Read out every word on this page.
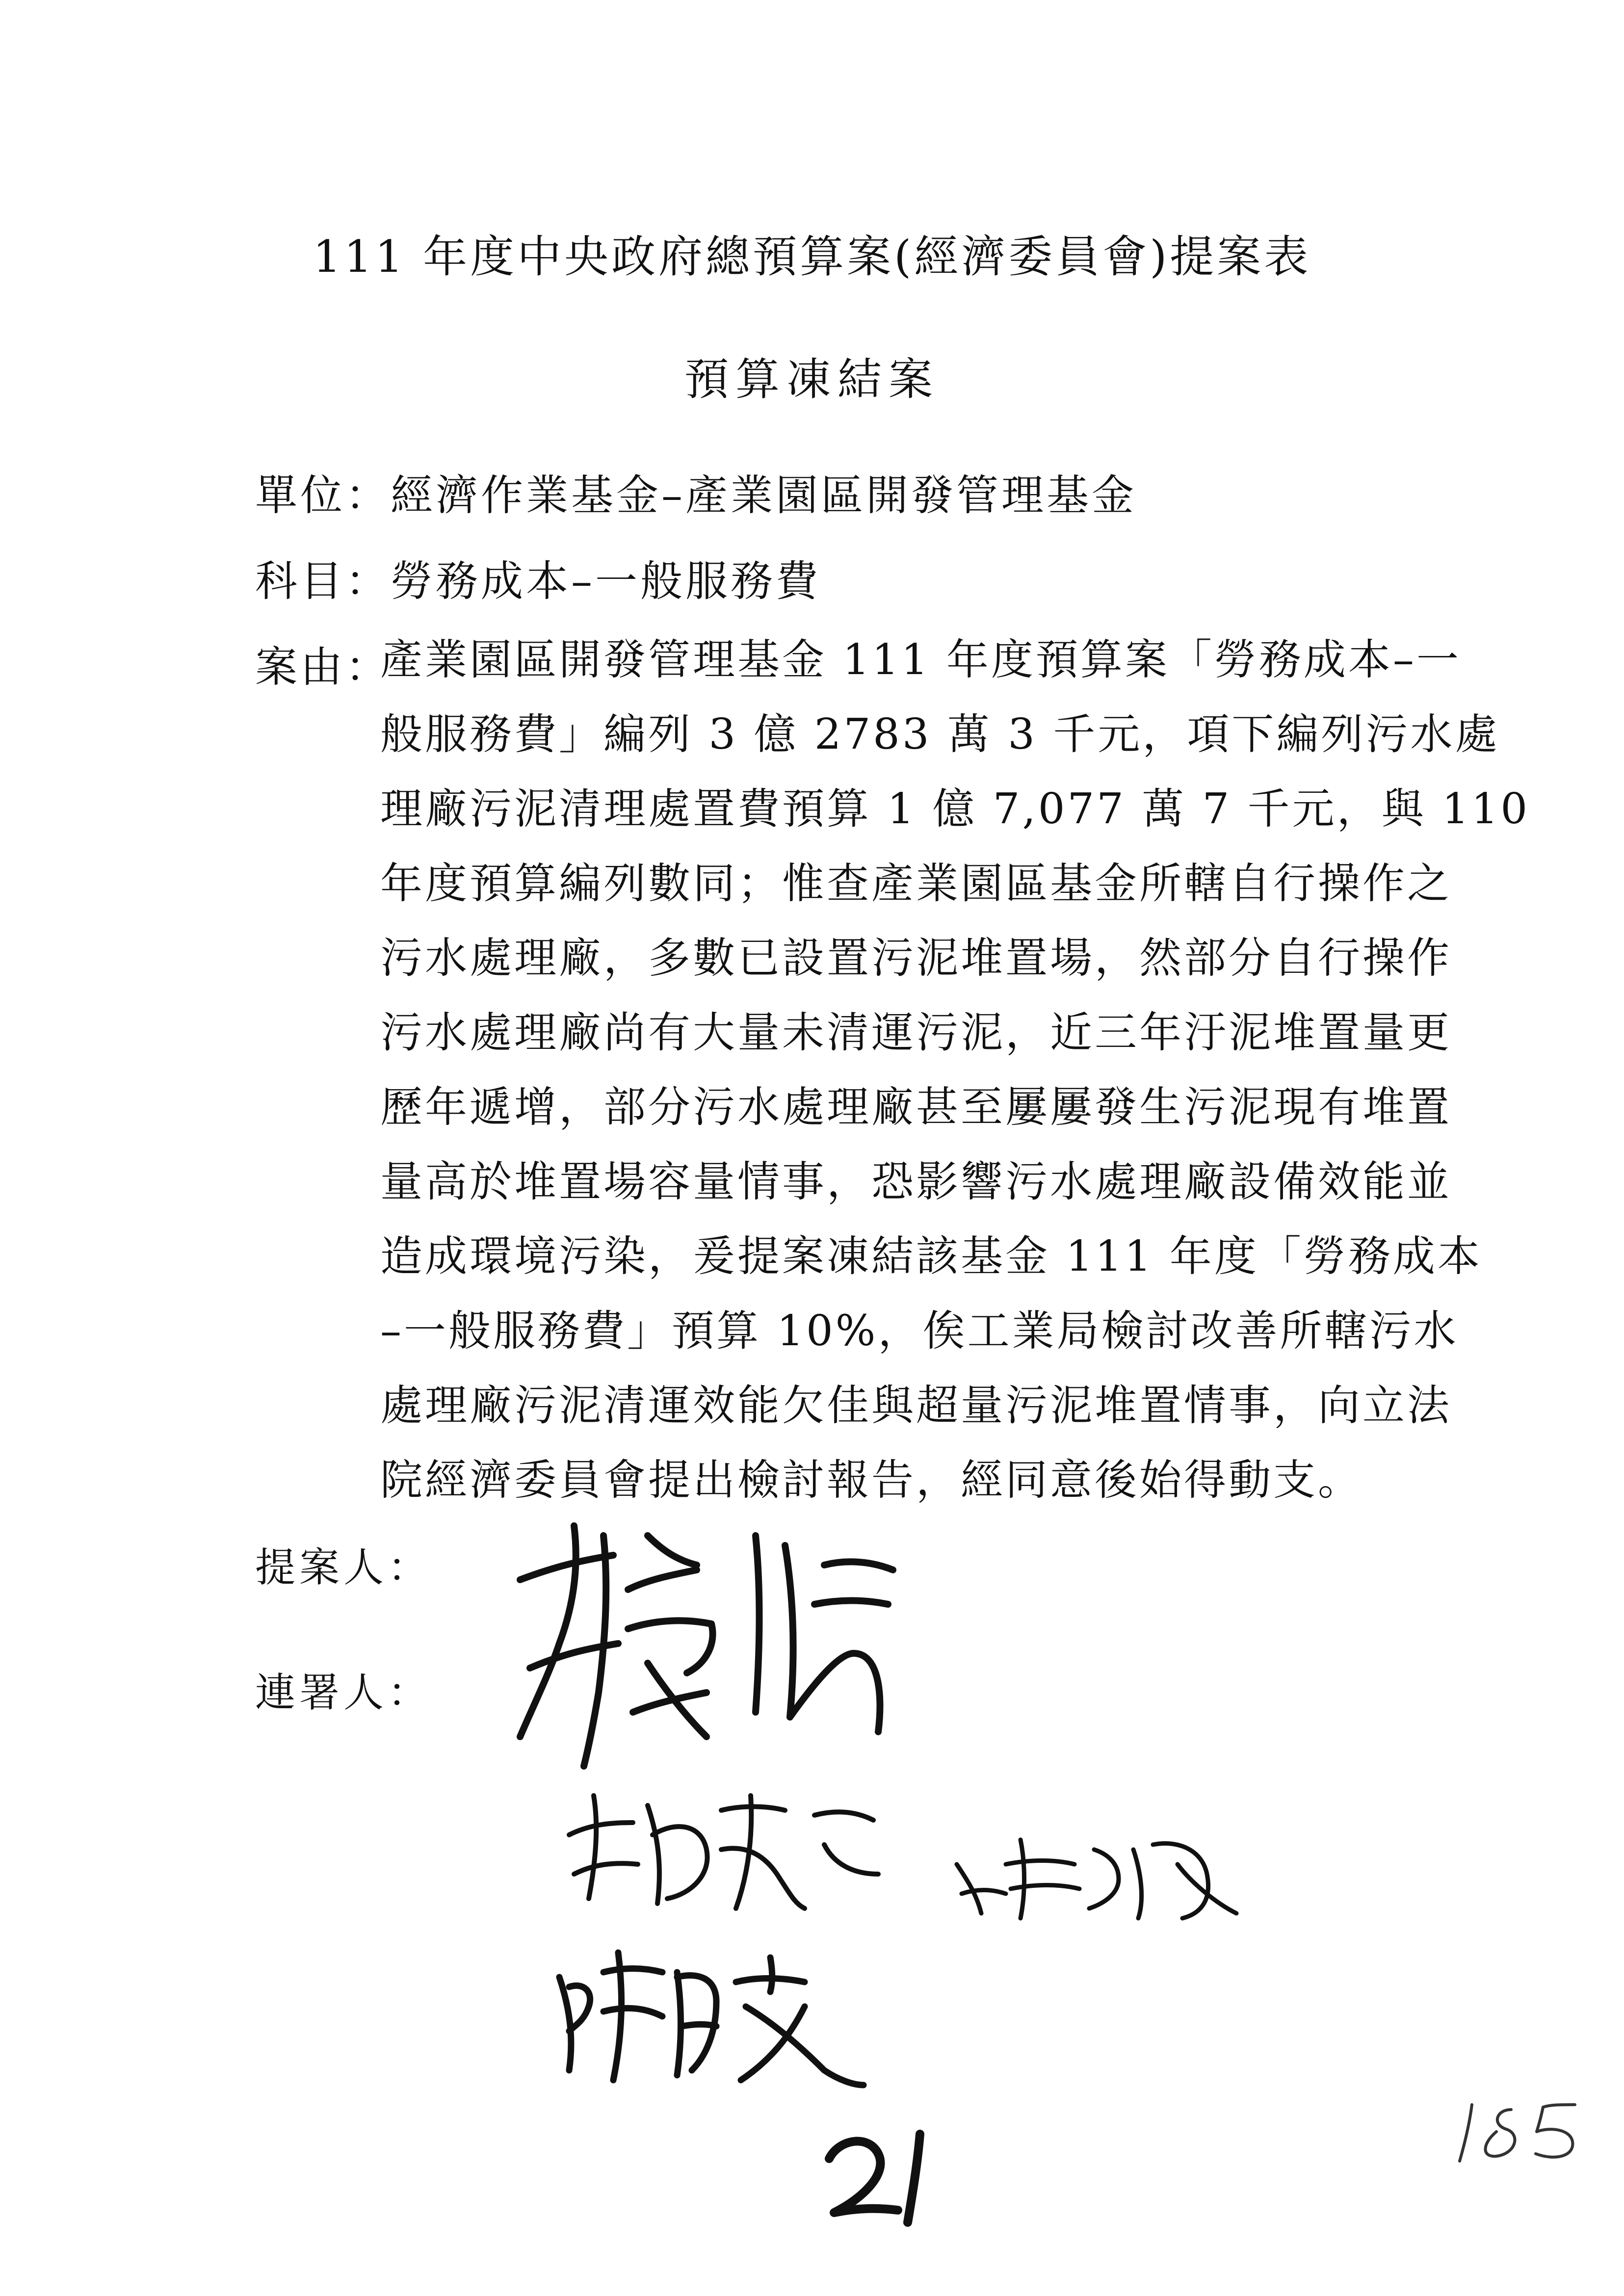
111 年度中央政府總預算案(經濟委員會)提案表
預算凍結案
單位：經濟作業基金–產業園區開發管理基金
科目：勞務成本–一般服務費
案由：
產業園區開發管理基金 111 年度預算案「勞務成本–一
般服務費」編列 3 億 2783 萬 3 千元，項下編列污水處
理廠污泥清理處置費預算 1 億 7,077 萬 7 千元，與 110
年度預算編列數同；惟查產業園區基金所轄自行操作之
污水處理廠，多數已設置污泥堆置場，然部分自行操作
污水處理廠尚有大量未清運污泥，近三年汙泥堆置量更
歷年遞增，部分污水處理廠甚至屢屢發生污泥現有堆置
量高於堆置場容量情事，恐影響污水處理廠設備效能並
造成環境污染，爰提案凍結該基金 111 年度「勞務成本
–一般服務費」預算 10%，俟工業局檢討改善所轄污水
處理廠污泥清運效能欠佳與超量污泥堆置情事，向立法
院經濟委員會提出檢討報告，經同意後始得動支。
提案人：
連署人：
